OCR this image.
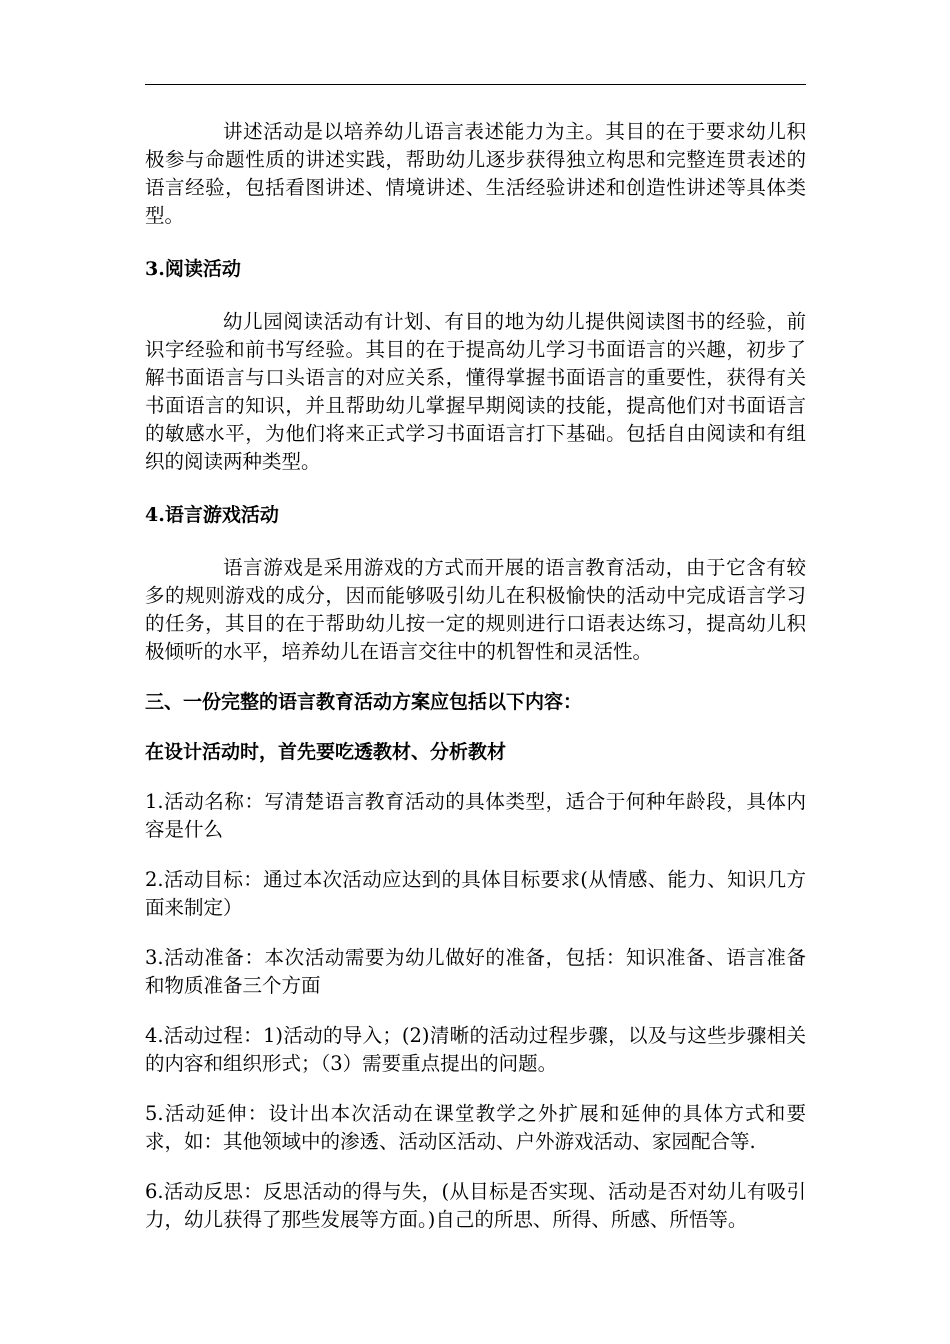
讲述活动是以培养幼儿语言表述能力为主。其目的在于要求幼儿积极参与命题性质的讲述实践，帮助幼儿逐步获得独立构思和完整连贯表述的语言经验，包括看图讲述、情境讲述、生活经验讲述和创造性讲述等具体类型。

3.阅读活动

幼儿园阅读活动有计划、有目的地为幼儿提供阅读图书的经验，前识字经验和前书写经验。其目的在于提高幼儿学习书面语言的兴趣，初步了解书面语言与口头语言的对应关系，懂得掌握书面语言的重要性，获得有关书面语言的知识，并且帮助幼儿掌握早期阅读的技能，提高他们对书面语言的敏感水平，为他们将来正式学习书面语言打下基础。包括自由阅读和有组织的阅读两种类型。

4.语言游戏活动

语言游戏是采用游戏的方式而开展的语言教育活动，由于它含有较多的规则游戏的成分，因而能够吸引幼儿在积极愉快的活动中完成语言学习的任务，其目的在于帮助幼儿按一定的规则进行口语表达练习，提高幼儿积极倾听的水平，培养幼儿在语言交往中的机智性和灵活性。

三、一份完整的语言教育活动方案应包括以下内容：

在设计活动时，首先要吃透教材、分析教材

1.活动名称：写清楚语言教育活动的具体类型，适合于何种年龄段，具体内容是什么

2.活动目标：通过本次活动应达到的具体目标要求(从情感、能力、知识几方面来制定）

3.活动准备：本次活动需要为幼儿做好的准备，包括：知识准备、语言准备和物质准备三个方面

4.活动过程：1)活动的导入；(2)清晰的活动过程步骤，以及与这些步骤相关的内容和组织形式；（3）需要重点提出的问题。

5.活动延伸：设计出本次活动在课堂教学之外扩展和延伸的具体方式和要求，如：其他领域中的渗透、活动区活动、户外游戏活动、家园配合等.

6.活动反思：反思活动的得与失，(从目标是否实现、活动是否对幼儿有吸引力，幼儿获得了那些发展等方面。)自己的所思、所得、所感、所悟等。
